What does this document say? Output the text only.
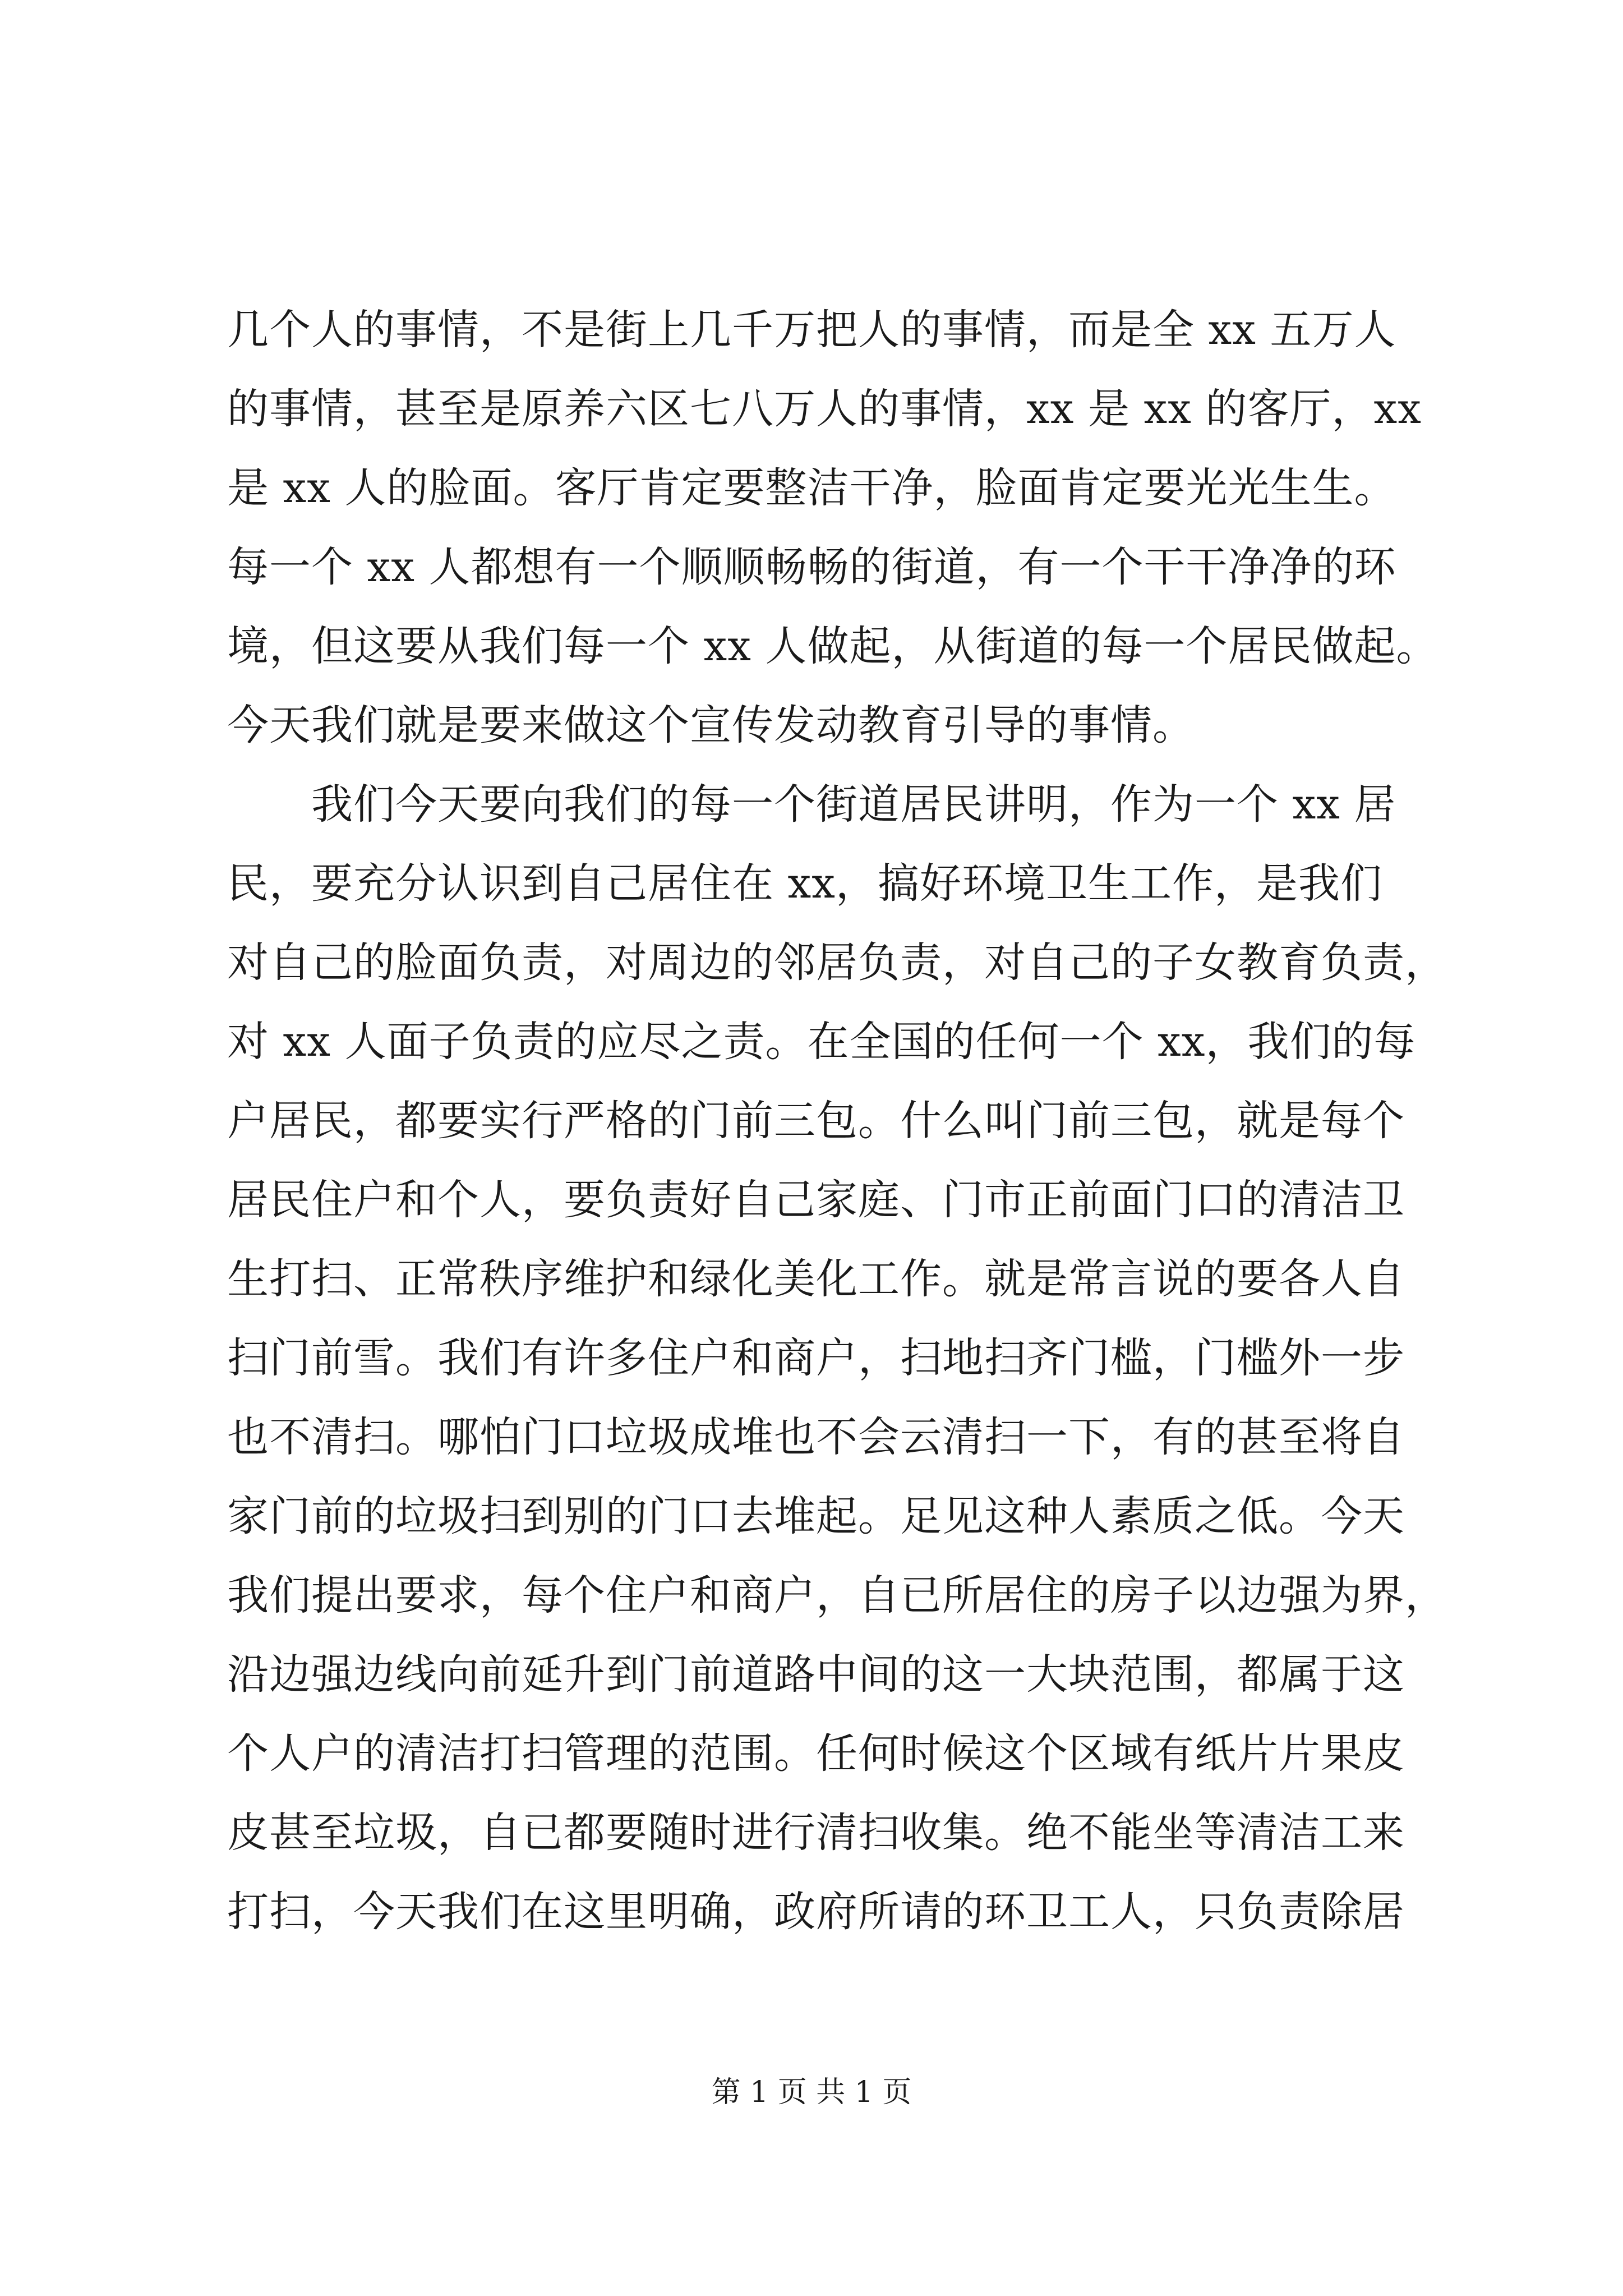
几个人的事情，不是街上几千万把人的事情，而是全 xx 五万人
的事情，甚至是原养六区七八万人的事情，xx 是 xx 的客厅，xx
是 xx 人的脸面。客厅肯定要整洁干净，脸面肯定要光光生生。
每一个 xx 人都想有一个顺顺畅畅的街道，有一个干干净净的环
境，但这要从我们每一个 xx 人做起，从街道的每一个居民做起。
今天我们就是要来做这个宣传发动教育引导的事情。
我们今天要向我们的每一个街道居民讲明，作为一个 xx 居
民，要充分认识到自己居住在 xx，搞好环境卫生工作，是我们
对自己的脸面负责，对周边的邻居负责，对自己的子女教育负责，
对 xx 人面子负责的应尽之责。在全国的任何一个 xx，我们的每
户居民，都要实行严格的门前三包。什么叫门前三包，就是每个
居民住户和个人，要负责好自己家庭、门市正前面门口的清洁卫
生打扫、正常秩序维护和绿化美化工作。就是常言说的要各人自
扫门前雪。我们有许多住户和商户，扫地扫齐门槛，门槛外一步
也不清扫。哪怕门口垃圾成堆也不会云清扫一下，有的甚至将自
家门前的垃圾扫到别的门口去堆起。足见这种人素质之低。今天
我们提出要求，每个住户和商户，自已所居住的房子以边强为界，
沿边强边线向前延升到门前道路中间的这一大块范围，都属于这
个人户的清洁打扫管理的范围。任何时候这个区域有纸片片果皮
皮甚至垃圾，自已都要随时进行清扫收集。绝不能坐等清洁工来
打扫，今天我们在这里明确，政府所请的环卫工人，只负责除居
第 1 页 共 1 页
